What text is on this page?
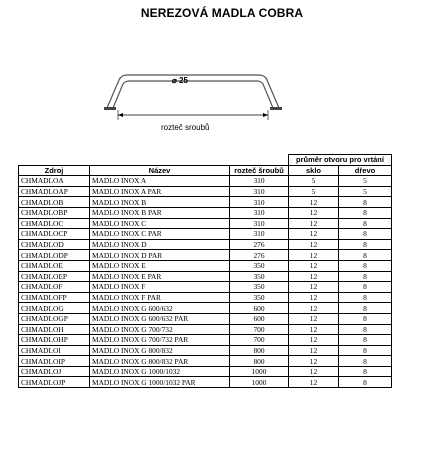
NEREZOVÁ MADLA COBRA
⌀ 25
rozteč sroubů
			průměr otvoru pro vrtání	
Zdroj	Název	rozteč šroubů	sklo	dřevo
CHMADLOA	MADLO INOX A	310	5	5
CHMADLOAP	MADLO INOX A PAR	310	5	5
CHMADLOB	MADLO INOX B	310	12	8
CHMADLOBP	MADLO INOX B PAR	310	12	8
CHMADLOC	MADLO INOX C	310	12	8
CHMADLOCP	MADLO INOX C PAR	310	12	8
CHMADLOD	MADLO INOX D	276	12	8
CHMADLODP	MADLO INOX D PAR	276	12	8
CHMADLOE	MADLO INOX E	350	12	8
CHMADLOEP	MADLO INOX E PAR	350	12	8
CHMADLOF	MADLO INOX F	350	12	8
CHMADLOFP	MADLO INOX F PAR	350	12	8
CHMADLOG	MADLO INOX G 600/632	600	12	8
CHMADLOGP	MADLO INOX G 600/632 PAR	600	12	8
CHMADLOH	MADLO INOX G 700/732	700	12	8
CHMADLOHP	MADLO INOX G 700/732 PAR	700	12	8
CHMADLOI	MADLO INOX G 800/832	800	12	8
CHMADLOIP	MADLO INOX G 800/832 PAR	800	12	8
CHMADLOJ	MADLO INOX G 1000/1032	1000	12	8
CHMADLOJP	MADLO INOX G 1000/1032 PAR	1000	12	8
